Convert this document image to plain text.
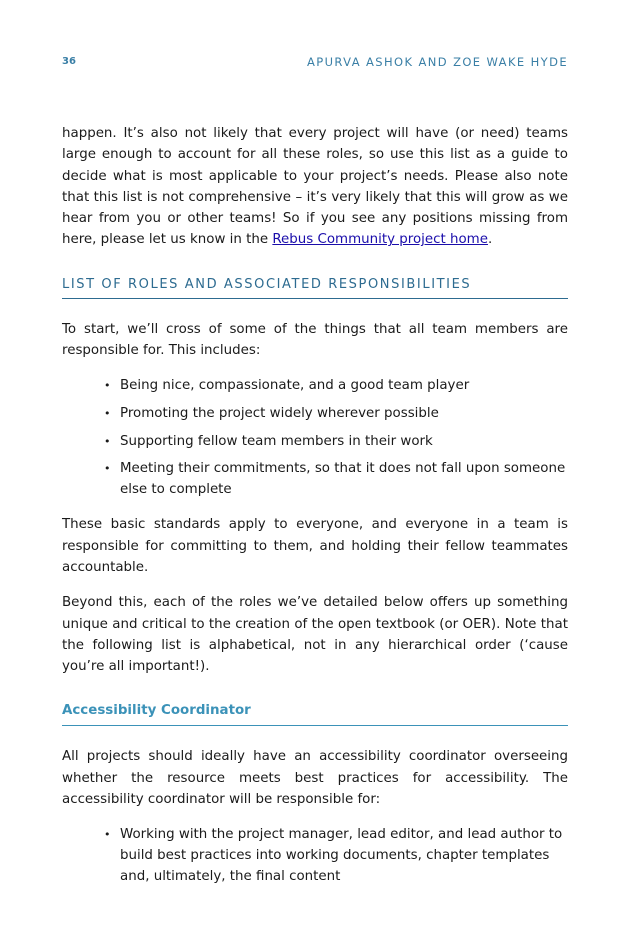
36	APURVA ASHOK AND ZOE WAKE HYDE

happen. It’s also not likely that every project will have (or need) teams large enough to account for all these roles, so use this list as a guide to decide what is most applicable to your project’s needs. Please also note that this list is not comprehensive – it’s very likely that this will grow as we hear from you or other teams! So if you see any positions missing from here, please let us know in the Rebus Community project home.

LIST OF ROLES AND ASSOCIATED RESPONSIBILITIES

To start, we’ll cross of some of the things that all team members are responsible for. This includes:

• Being nice, compassionate, and a good team player
• Promoting the project widely wherever possible
• Supporting fellow team members in their work
• Meeting their commitments, so that it does not fall upon someone else to complete

These basic standards apply to everyone, and everyone in a team is responsible for committing to them, and holding their fellow teammates accountable.

Beyond this, each of the roles we’ve detailed below offers up something unique and critical to the creation of the open textbook (or OER). Note that the following list is alphabetical, not in any hierarchical order (‘cause you’re all important!).

Accessibility Coordinator

All projects should ideally have an accessibility coordinator overseeing whether the resource meets best practices for accessibility. The accessibility coordinator will be responsible for:

• Working with the project manager, lead editor, and lead author to build best practices into working documents, chapter templates and, ultimately, the final content
